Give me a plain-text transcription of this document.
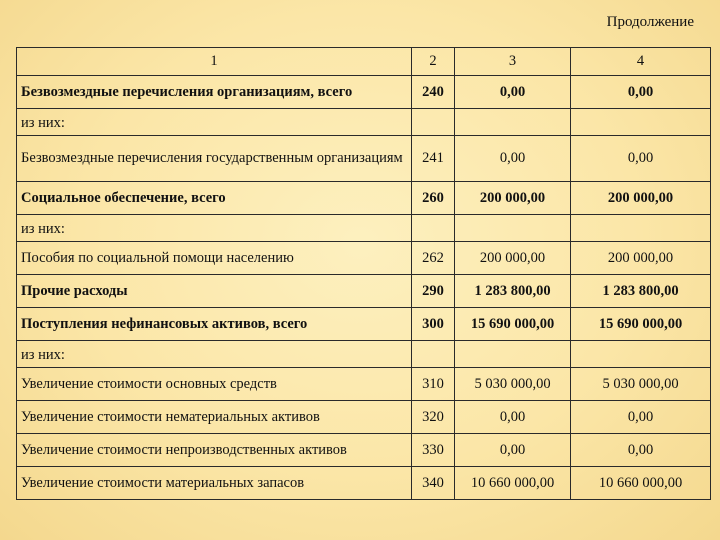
Продолжение
1	2	3	4
Безвозмездные перечисления организациям, всего	240	0,00	0,00
из них:			

Безвозмездные перечисления государственным организациям	241	0,00	0,00
Социальное обеспечение, всего	260	200 000,00	200 000,00
из них:			
Пособия по социальной помощи населению	262	200 000,00	200 000,00
Прочие расходы	290	1 283 800,00	1 283 800,00
Поступления нефинансовых активов, всего	300	15 690 000,00	15 690 000,00
из них:			
Увеличение стоимости основных средств	310	5 030 000,00	5 030 000,00
Увеличение стоимости нематериальных активов	320	0,00	0,00
Увеличение стоимости непроизводственных активов	330	0,00	0,00
Увеличение стоимости материальных запасов	340	10 660 000,00	10 660 000,00
